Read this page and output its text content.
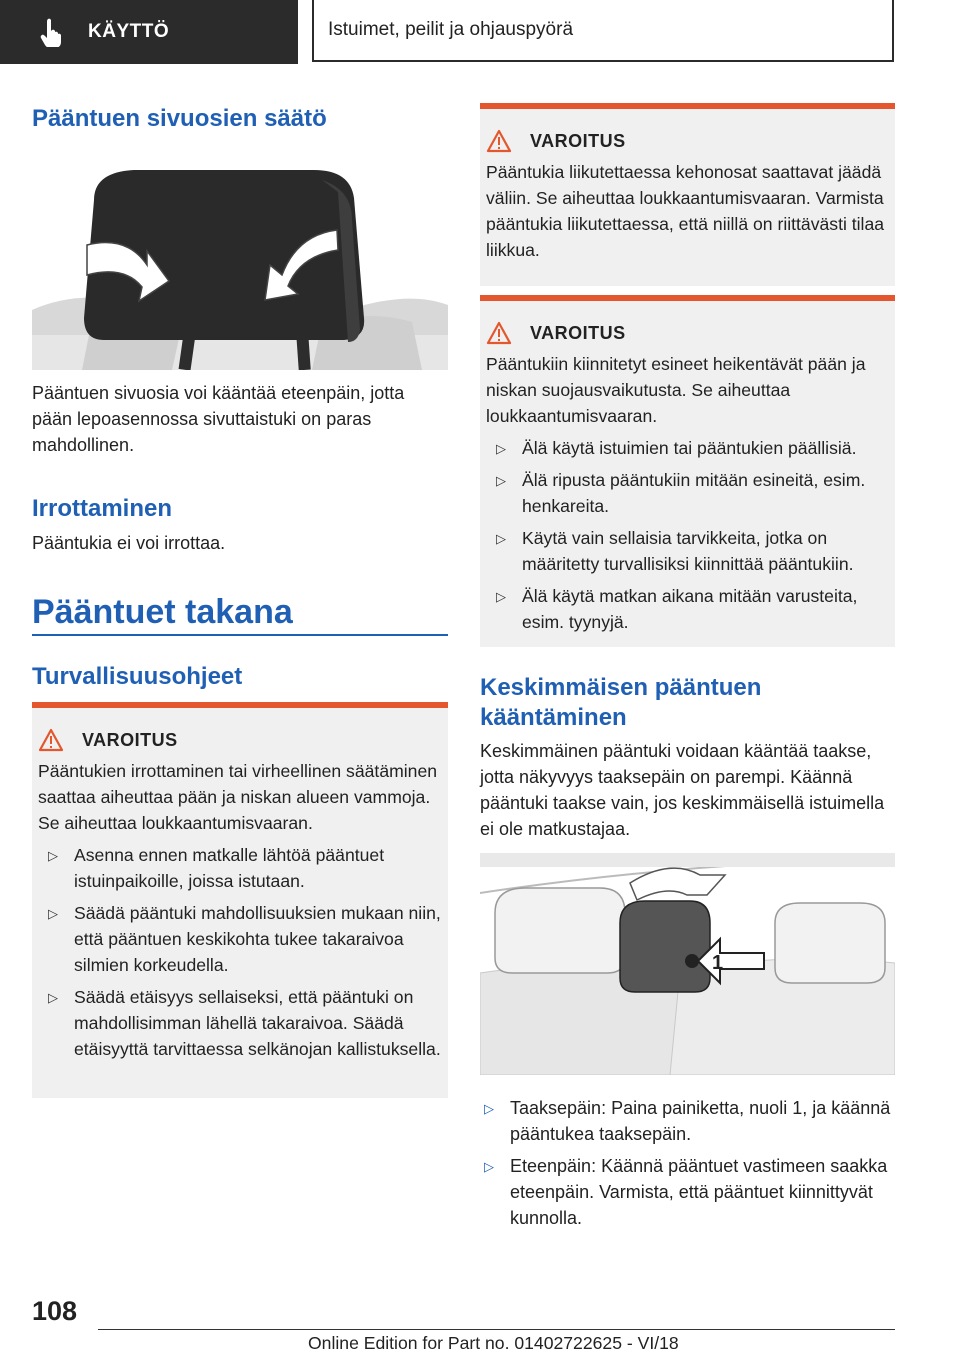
KÄYTTÖ	Istuimet, peilit ja ohjauspyörä
Pääntuen sivuosien säätö

Pääntuen sivuosia voi kääntää eteenpäin, jotta pään lepoasennossa sivuttaistuki on paras mahdollinen.

Irrottaminen

Pääntukia ei voi irrottaa.

Pääntuet takana
Turvallisuusohjeet
VAROITUS

Pääntukien irrottaminen tai virheellinen säätäminen saattaa aiheuttaa pään ja niskan alueen vammoja. Se aiheuttaa loukkaantumisvaaran.

▷ Asenna ennen matkalle lähtöä pääntuet istuinpaikoille, joissa istutaan.
▷ Säädä pääntuki mahdollisuuksien mukaan niin, että pääntuen keskikohta tukee takaraivoa silmien korkeudella.
▷ Säädä etäisyys sellaiseksi, että pääntuki on mahdollisimman lähellä takaraivoa. Säädä etäisyyttä tarvittaessa selkänojan kallistuksella.
VAROITUS

Pääntukia liikutettaessa kehonosat saattavat jäädä väliin. Se aiheuttaa loukkaantumisvaaran. Varmista pääntukia liikutettaessa, että niillä on riittävästi tilaa liikkua.

VAROITUS

Pääntukiin kiinnitetyt esineet heikentävät pään ja niskan suojausvaikutusta. Se aiheuttaa loukkaantumisvaaran.

▷ Älä käytä istuimien tai pääntukien päällisiä.
▷ Älä ripusta pääntukiin mitään esineitä, esim. henkareita.
▷ Käytä vain sellaisia tarvikkeita, jotka on määritetty turvallisiksi kiinnittää pääntukiin.
▷ Älä käytä matkan aikana mitään varusteita, esim. tyynyjä.
Keskimmäisen pääntuen kääntäminen

Keskimmäinen pääntuki voidaan kääntää taakse, jotta näkyvyys taaksepäin on parempi. Käännä pääntuki taakse vain, jos keskimmäisellä istuimella ei ole matkustajaa.

1
▷ Taaksepäin: Paina painiketta, nuoli 1, ja käännä pääntukea taaksepäin.
▷ Eteenpäin: Käännä pääntuet vastimeen saakka eteenpäin. Varmista, että pääntuet kiinnittyvät kunnolla.
108
Online Edition for Part no. 01402722625 - VI/18
